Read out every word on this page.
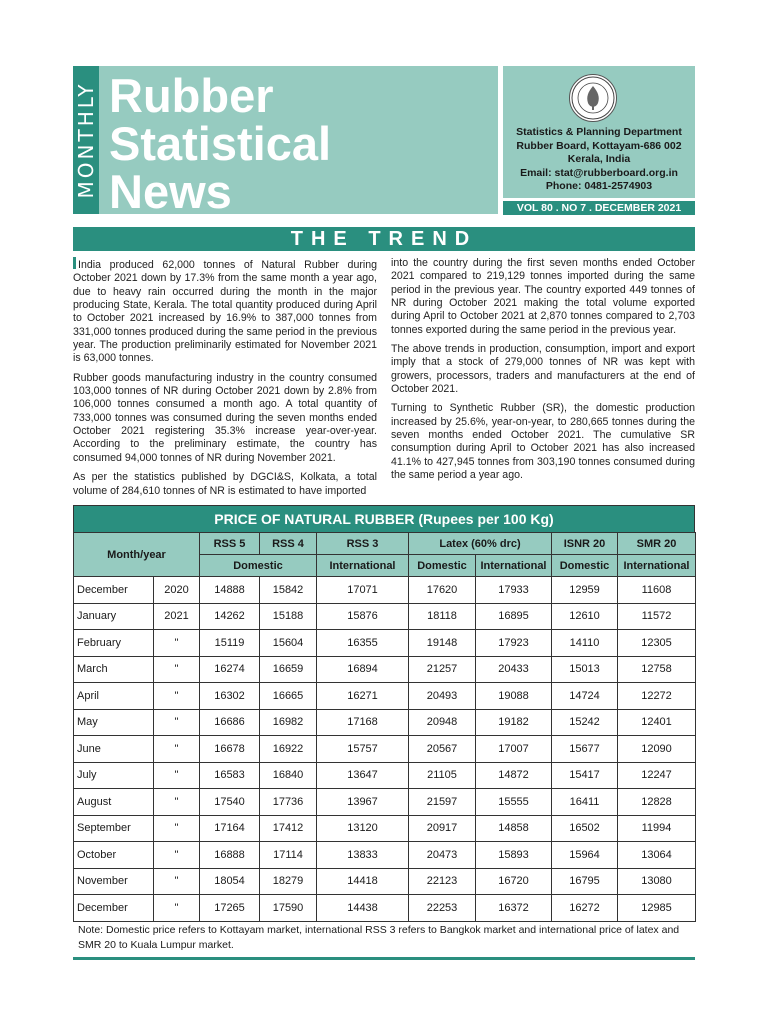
MONTHLY Rubber
Statistical
News
Statistics & Planning Department
Rubber Board, Kottayam-686 002
Kerala, India
Email: stat@rubberboard.org.in
Phone: 0481-2574903
VOL 80 . NO 7 . DECEMBER 2021
THE TREND

India produced 62,000 tonnes of Natural Rubber during October 2021 down by 17.3% from the same month a year ago, due to heavy rain occurred during the month in the major producing State, Kerala. The total quantity produced during April to October 2021 increased by 16.9% to 387,000 tonnes from 331,000 tonnes produced during the same period in the previous year. The production preliminarily estimated for November 2021 is 63,000 tonnes.

Rubber goods manufacturing industry in the country consumed 103,000 tonnes of NR during October 2021 down by 2.8% from 106,000 tonnes consumed a month ago. A total quantity of 733,000 tonnes was consumed during the seven months ended October 2021 registering 35.3% increase year-over-year. According to the preliminary estimate, the country has consumed 94,000 tonnes of NR during November 2021.

As per the statistics published by DGCI&S, Kolkata, a total volume of 284,610 tonnes of NR is estimated to have imported

into the country during the first seven months ended October 2021 compared to 219,129 tonnes imported during the same period in the previous year. The country exported 449 tonnes of NR during October 2021 making the total volume exported during April to October 2021 at 2,870 tonnes compared to 2,703 tonnes exported during the same period in the previous year.

The above trends in production, consumption, import and export imply that a stock of 279,000 tonnes of NR was kept with growers, processors, traders and manufacturers at the end of October 2021.

Turning to Synthetic Rubber (SR), the domestic production increased by 25.6%, year-on-year, to 280,665 tonnes during the seven months ended October 2021. The cumulative SR consumption during April to October 2021 has also increased 41.1% to 427,945 tonnes from 303,190 tonnes consumed during the same period a year ago.

PRICE OF NATURAL RUBBER (Rupees per 100 Kg)
Month/year		RSS 5	RSS 4	RSS 3	Latex (60% drc)		ISNR 20	SMR 20
		Domestic		International	Domestic	International	Domestic	International
December	2020	14888	15842	17071	17620	17933	12959	11608
January	2021	14262	15188	15876	18118	16895	12610	11572
February	"	15119	15604	16355	19148	17923	14110	12305
March	"	16274	16659	16894	21257	20433	15013	12758
April	"	16302	16665	16271	20493	19088	14724	12272
May	"	16686	16982	17168	20948	19182	15242	12401
June	"	16678	16922	15757	20567	17007	15677	12090
July	"	16583	16840	13647	21105	14872	15417	12247
August	"	17540	17736	13967	21597	15555	16411	12828
September	"	17164	17412	13120	20917	14858	16502	11994
October	"	16888	17114	13833	20473	15893	15964	13064
November	"	18054	18279	14418	22123	16720	16795	13080
December	"	17265	17590	14438	22253	16372	16272	12985
Note: Domestic price refers to Kottayam market, international RSS 3 refers to Bangkok market and international price of latex and SMR 20 to Kuala Lumpur market.
